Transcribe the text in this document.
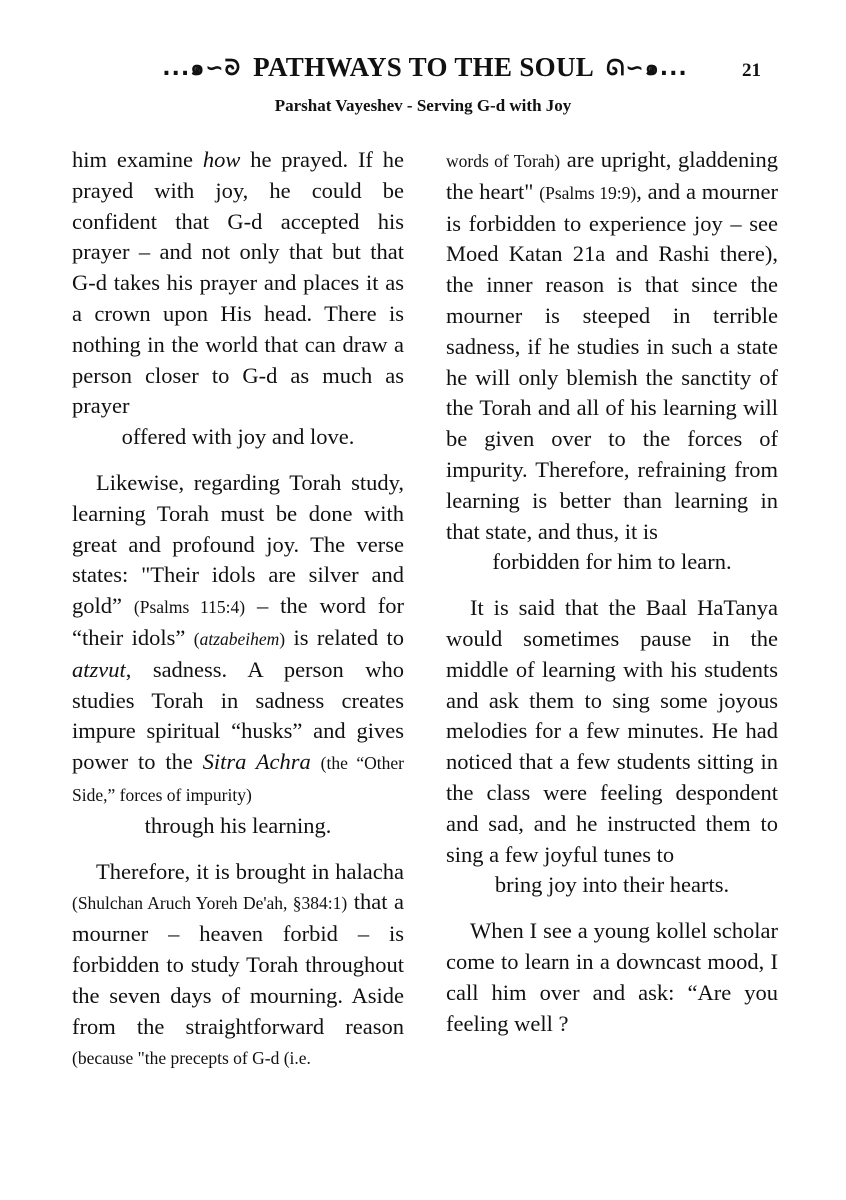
...๑∽ᘐ PATHWAYS TO THE SOUL ᘏ∽๑...	21
Parshat Vayeshev - Serving G-d with Joy

him examine how he prayed. If he prayed with joy, he could be confident that G-d accepted his prayer – and not only that but that G-d takes his prayer and places it as a crown upon His head. There is nothing in the world that can draw a person closer to G-d as much as prayer

offered with joy and love.

Likewise, regarding Torah study, learning Torah must be done with great and profound joy. The verse states: "Their idols are silver and gold” (Psalms 115:4) – the word for “their idols” (atzabeihem) is related to atzvut, sadness. A person who studies Torah in sadness creates impure spiritual “husks” and gives power to the Sitra Achra (the “Other Side,” forces of impurity)

through his learning.

Therefore, it is brought in halacha (Shulchan Aruch Yoreh De'ah, §384:1) that a mourner – heaven forbid – is forbidden to study Torah throughout the seven days of mourning. Aside from the straightforward reason (because "the precepts of G-d (i.e.

words of Torah) are upright, gladdening the heart" (Psalms 19:9), and a mourner is forbidden to experience joy – see Moed Katan 21a and Rashi there), the inner reason is that since the mourner is steeped in terrible sadness, if he studies in such a state he will only blemish the sanctity of the Torah and all of his learning will be given over to the forces of impurity. Therefore, refraining from learning is better than learning in that state, and thus, it is

forbidden for him to learn.

It is said that the Baal HaTanya would sometimes pause in the middle of learning with his students and ask them to sing some joyous melodies for a few minutes. He had noticed that a few students sitting in the class were feeling despondent and sad, and he instructed them to sing a few joyful tunes to

bring joy into their hearts.

When I see a young kollel scholar come to learn in a downcast mood, I call him over and ask: “Are you feeling well ?
